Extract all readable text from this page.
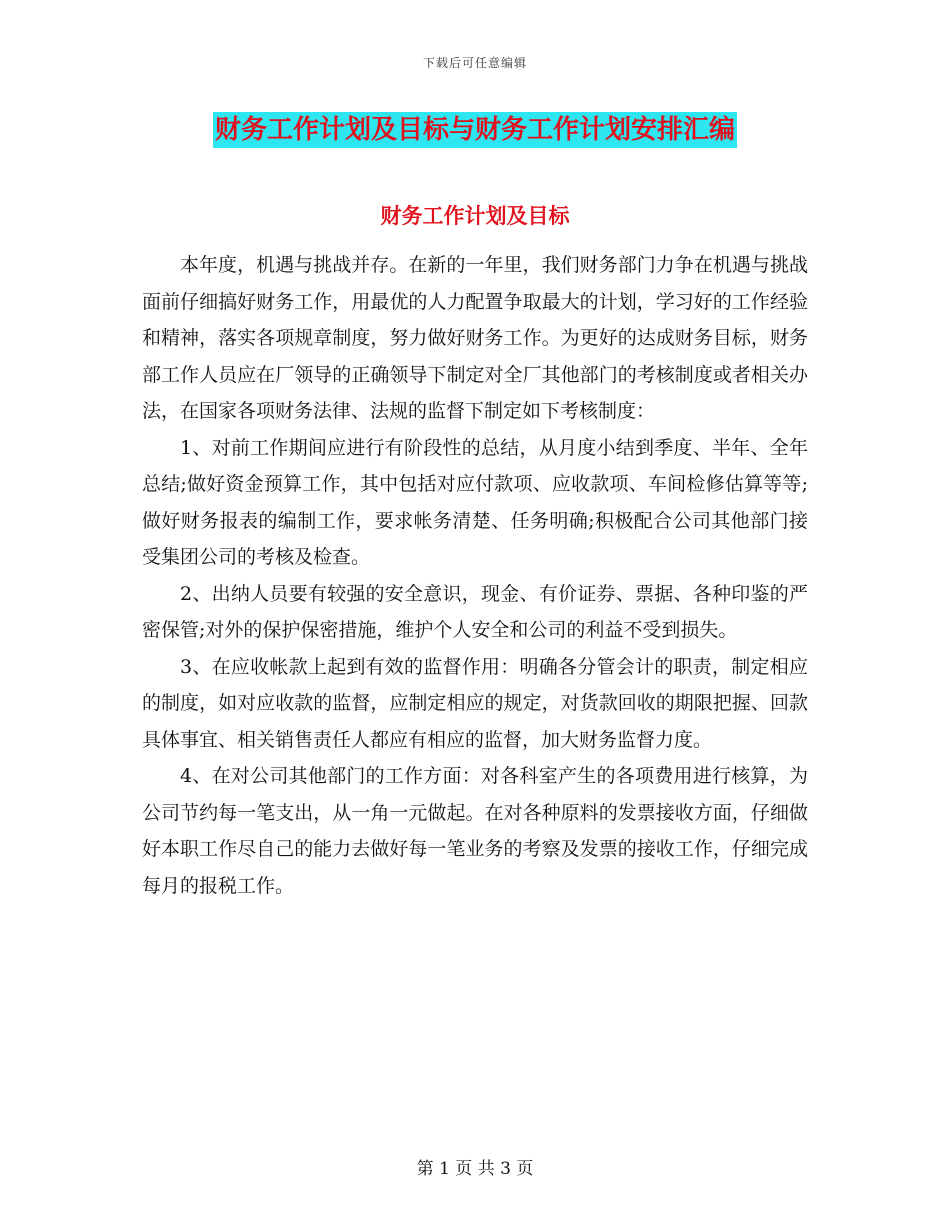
下载后可任意编辑
财务工作计划及目标与财务工作计划安排汇编
财务工作计划及目标

本年度，机遇与挑战并存。在新的一年里，我们财务部门力争在机遇与挑战面前仔细搞好财务工作，用最优的人力配置争取最大的计划，学习好的工作经验和精神，落实各项规章制度，努力做好财务工作。为更好的达成财务目标，财务部工作人员应在厂领导的正确领导下制定对全厂其他部门的考核制度或者相关办法，在国家各项财务法律、法规的监督下制定如下考核制度：

1、对前工作期间应进行有阶段性的总结，从月度小结到季度、半年、全年总结;做好资金预算工作，其中包括对应付款项、应收款项、车间检修估算等等;做好财务报表的编制工作，要求帐务清楚、任务明确;积极配合公司其他部门接受集团公司的考核及检查。

2、出纳人员要有较强的安全意识，现金、有价证券、票据、各种印鉴的严密保管;对外的保护保密措施，维护个人安全和公司的利益不受到损失。

3、在应收帐款上起到有效的监督作用：明确各分管会计的职责，制定相应的制度，如对应收款的监督，应制定相应的规定，对货款回收的期限把握、回款具体事宜、相关销售责任人都应有相应的监督，加大财务监督力度。

4、在对公司其他部门的工作方面：对各科室产生的各项费用进行核算，为公司节约每一笔支出，从一角一元做起。在对各种原料的发票接收方面，仔细做好本职工作尽自己的能力去做好每一笔业务的考察及发票的接收工作，仔细完成每月的报税工作。

第 1 页 共 3 页
